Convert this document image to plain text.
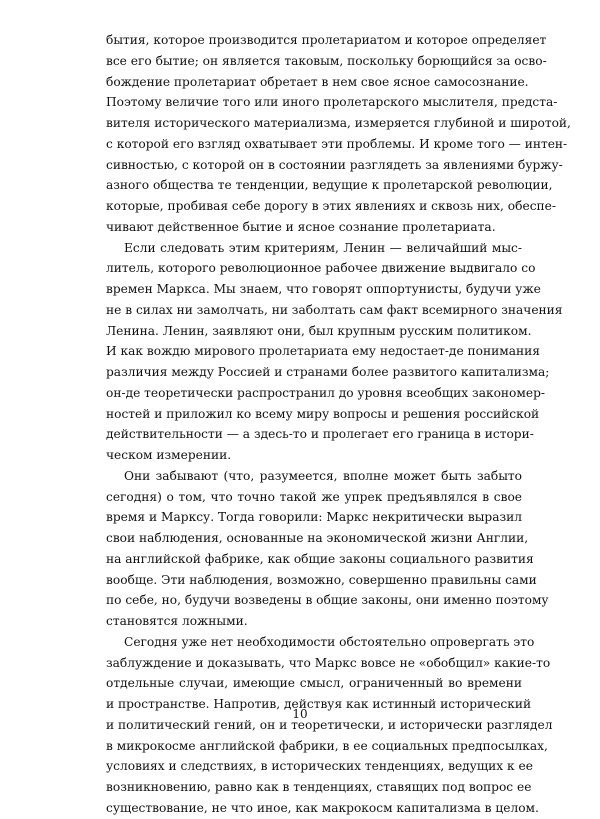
бытия, которое производится пролетариатом и которое определяет
все его бытие; он является таковым, поскольку борющийся за осво-
бождение пролетариат обретает в нем свое ясное самосознание.
Поэтому величие того или иного пролетарского мыслителя, предста-
вителя исторического материализма, измеряется глубиной и широтой,
с которой его взгляд охватывает эти проблемы. И кроме того — интен-
сивностью, с которой он в состоянии разглядеть за явлениями буржу-
азного общества те тенденции, ведущие к пролетарской революции,
которые, пробивая себе дорогу в этих явлениях и сквозь них, обеспе-
чивают действенное бытие и ясное сознание пролетариата.
Если следовать этим критериям, Ленин — величайший мыс-
литель, которого революционное рабочее движение выдвигало со
времен Маркса. Мы знаем, что говорят оппортунисты, будучи уже
не в силах ни замолчать, ни заболтать сам факт всемирного значения
Ленина. Ленин, заявляют они, был крупным русским политиком.
И как вождю мирового пролетариата ему недостает-де понимания
различия между Россией и странами более развитого капитализма;
он-де теоретически распространил до уровня всеобщих закономер-
ностей и приложил ко всему миру вопросы и решения российской
действительности — а здесь-то и пролегает его граница в истори-
ческом измерении.
Они забывают (что, разумеется, вполне может быть забыто
сегодня) о том, что точно такой же упрек предъявлялся в свое
время и Марксу. Тогда говорили: Маркс некритически выразил
свои наблюдения, основанные на экономической жизни Англии,
на английской фабрике, как общие законы социального развития
вообще. Эти наблюдения, возможно, совершенно правильны сами
по себе, но, будучи возведены в общие законы, они именно поэтому
становятся ложными.
Сегодня уже нет необходимости обстоятельно опровергать это
заблуждение и доказывать, что Маркс вовсе не «обобщил» какие-то
отдельные случаи, имеющие смысл, ограниченный во времени
и пространстве. Напротив, действуя как истинный исторический
и политический гений, он и теоретически, и исторически разглядел
в микрокосме английской фабрики, в ее социальных предпосылках,
условиях и следствиях, в исторических тенденциях, ведущих к ее
возникновению, равно как в тенденциях, ставящих под вопрос ее
существование, не что иное, как макрокосм капитализма в целом.
10
